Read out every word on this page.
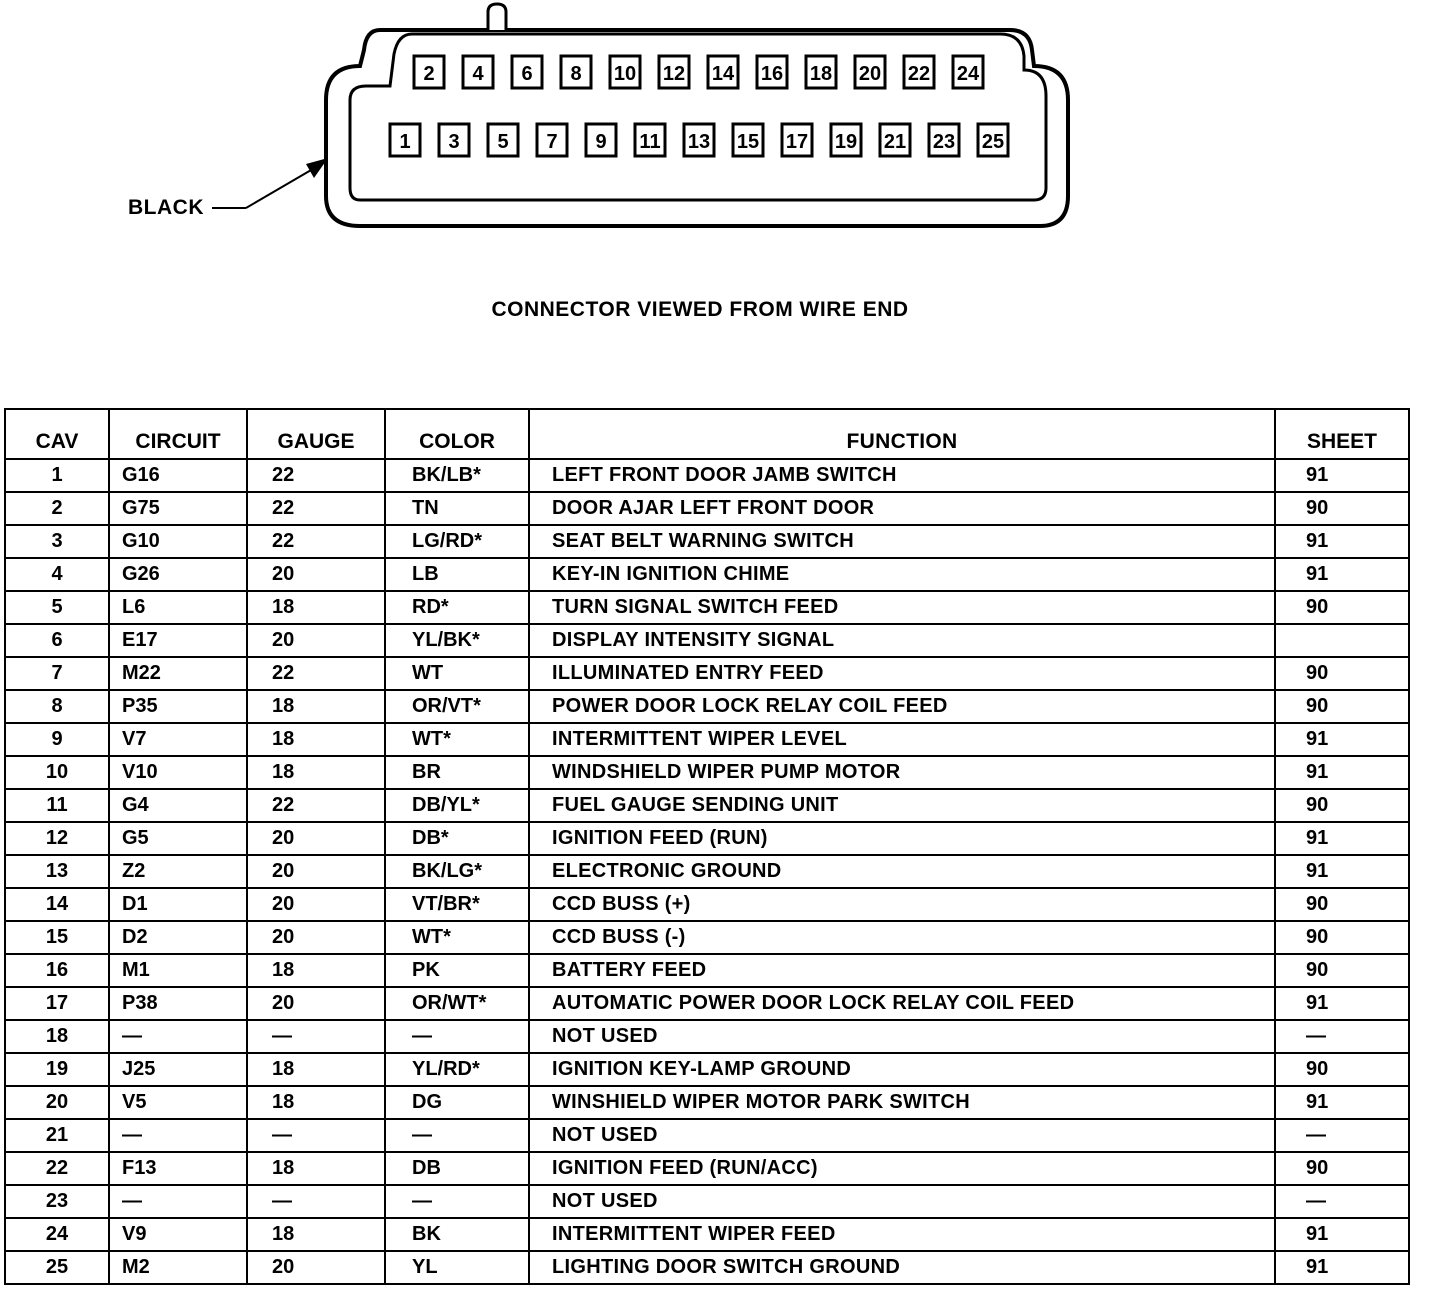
2 4 6 8 10 12 14 16 18 20 22 24
1 3 5 7 9 11 13 15 17 19 21 23 25
BLACK
CONNECTOR VIEWED FROM WIRE END
CAV	CIRCUIT	GAUGE	COLOR	FUNCTION	SHEET
1	G16	22	BK/LB*	LEFT FRONT DOOR JAMB SWITCH	91
2	G75	22	TN	DOOR AJAR LEFT FRONT DOOR	90
3	G10	22	LG/RD*	SEAT BELT WARNING SWITCH	91
4	G26	20	LB	KEY-IN IGNITION CHIME	91
5	L6	18	RD*	TURN SIGNAL SWITCH FEED	90
6	E17	20	YL/BK*	DISPLAY INTENSITY SIGNAL	
7	M22	22	WT	ILLUMINATED ENTRY FEED	90
8	P35	18	OR/VT*	POWER DOOR LOCK RELAY COIL FEED	90
9	V7	18	WT*	INTERMITTENT WIPER LEVEL	91
10	V10	18	BR	WINDSHIELD WIPER PUMP MOTOR	91
11	G4	22	DB/YL*	FUEL GAUGE SENDING UNIT	90
12	G5	20	DB*	IGNITION FEED (RUN)	91
13	Z2	20	BK/LG*	ELECTRONIC GROUND	91
14	D1	20	VT/BR*	CCD BUSS (+)	90
15	D2	20	WT*	CCD BUSS (-)	90
16	M1	18	PK	BATTERY FEED	90
17	P38	20	OR/WT*	AUTOMATIC POWER DOOR LOCK RELAY COIL FEED	91
18	—	—	—	NOT USED	—
19	J25	18	YL/RD*	IGNITION KEY-LAMP GROUND	90
20	V5	18	DG	WINSHIELD WIPER MOTOR PARK SWITCH	91
21	—	—	—	NOT USED	—
22	F13	18	DB	IGNITION FEED (RUN/ACC)	90
23	—	—	—	NOT USED	—
24	V9	18	BK	INTERMITTENT WIPER FEED	91
25	M2	20	YL	LIGHTING DOOR SWITCH GROUND	91
